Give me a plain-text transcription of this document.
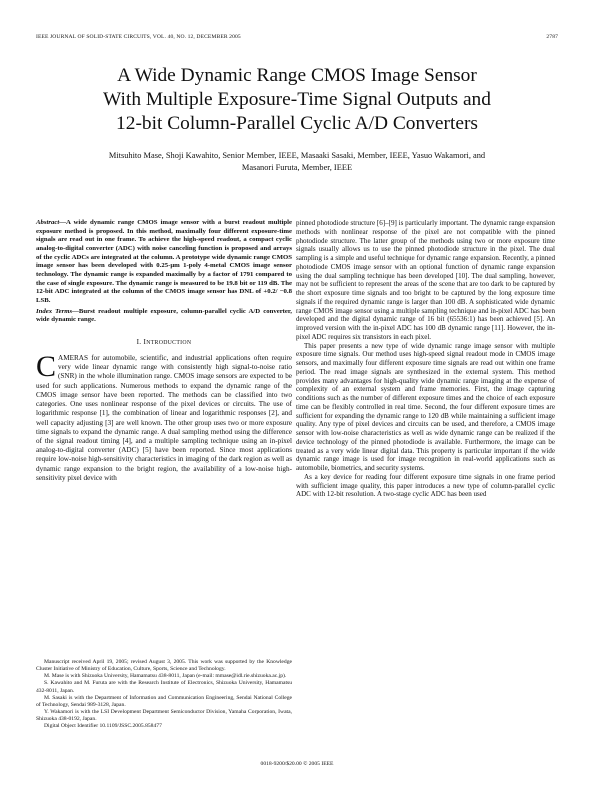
IEEE JOURNAL OF SOLID-STATE CIRCUITS, VOL. 40, NO. 12, DECEMBER 2005	2787
A Wide Dynamic Range CMOS Image Sensor
With Multiple Exposure-Time Signal Outputs and
12-bit Column-Parallel Cyclic A/D Converters
Mitsuhito Mase, Shoji Kawahito, Senior Member, IEEE, Masaaki Sasaki, Member, IEEE, Yasuo Wakamori, and
Masanori Furuta, Member, IEEE

Abstract—A wide dynamic range CMOS image sensor with a burst readout multiple exposure method is proposed. In this method, maximally four different exposure-time signals are read out in one frame. To achieve the high-speed readout, a compact cyclic analog-to-digital converter (ADC) with noise canceling function is proposed and arrays of the cyclic ADCs are integrated at the column. A prototype wide dynamic range CMOS image sensor has been developed with 0.25-μm 1-poly 4-metal CMOS image sensor technology. The dynamic range is expanded maximally by a factor of 1791 compared to the case of single exposure. The dynamic range is measured to be 19.8 bit or 119 dB. The 12-bit ADC integrated at the column of the CMOS image sensor has DNL of +0.2/ −0.8 LSB.

Index Terms—Burst readout multiple exposure, column-parallel cyclic A/D converter, wide dynamic range.

I. INTRODUCTION

CAMERAS for automobile, scientific, and industrial applications often require very wide linear dynamic range with consistently high signal-to-noise ratio (SNR) in the whole illumination range. CMOS image sensors are expected to be used for such applications. Numerous methods to expand the dynamic range of the CMOS image sensor have been reported. The methods can be classified into two categories. One uses nonlinear response of the pixel devices or circuits. The use of logarithmic response [1], the combination of linear and logarithmic responses [2], and well capacity adjusting [3] are well known. The other group uses two or more exposure time signals to expand the dynamic range. A dual sampling method using the difference of the signal readout timing [4], and a multiple sampling technique using an in-pixel analog-to-digital converter (ADC) [5] have been reported. Since most applications require low-noise high-sensitivity characteristics in imaging of the dark region as well as dynamic range expansion to the bright region, the availability of a low-noise high-sensitivity pixel device with

Manuscript received April 19, 2005; revised August 3, 2005. This work was supported by the Knowledge Cluster Initiative of Ministry of Education, Culture, Sports, Science and Technology.

M. Mase is with Shizuoka University, Hamamatsu 438-8011, Japan (e-mail: mmase@idl.rie.shizuoka.ac.jp).

S. Kawahito and M. Furuta are with the Research Institute of Electronics, Shizuoka University, Hamamatsu 432-8011, Japan.

M. Sasaki is with the Department of Information and Communication Engineering, Sendai National College of Technology, Sendai 989-3128, Japan.

Y. Wakamori is with the LSI Development Department Semiconductor Division, Yamaha Corporation, Iwata, Shizuoka 438-0192, Japan.

Digital Object Identifier 10.1109/JSSC.2005.858477

pinned photodiode structure [6]–[9] is particularly important. The dynamic range expansion methods with nonlinear response of the pixel are not compatible with the pinned photodiode structure. The latter group of the methods using two or more exposure time signals usually allows us to use the pinned photodiode structure in the pixel. The dual sampling is a simple and useful technique for dynamic range expansion. Recently, a pinned photodiode CMOS image sensor with an optional function of dynamic range expansion using the dual sampling technique has been developed [10]. The dual sampling, however, may not be sufficient to represent the areas of the scene that are too dark to be captured by the short exposure time signals and too bright to be captured by the long exposure time signals if the required dynamic range is larger than 100 dB. A sophisticated wide dynamic range CMOS image sensor using a multiple sampling technique and in-pixel ADC has been developed and the digital dynamic range of 16 bit (65536:1) has been achieved [5]. An improved version with the in-pixel ADC has 100 dB dynamic range [11]. However, the in-pixel ADC requires six transistors in each pixel.

This paper presents a new type of wide dynamic range image sensor with multiple exposure time signals. Our method uses high-speed signal readout mode in CMOS image sensors, and maximally four different exposure time signals are read out within one frame period. The read image signals are synthesized in the external system. This method provides many advantages for high-quality wide dynamic range imaging at the expense of complexity of an external system and frame memories. First, the image capturing conditions such as the number of different exposure times and the choice of each exposure time can be flexibly controlled in real time. Second, the four different exposure times are sufficient for expanding the dynamic range to 120 dB while maintaining a sufficient image quality. Any type of pixel devices and circuits can be used, and therefore, a CMOS image sensor with low-noise characteristics as well as wide dynamic range can be realized if the device technology of the pinned photodiode is available. Furthermore, the image can be treated as a very wide linear digital data. This property is particular important if the wide dynamic range image is used for image recognition in real-world applications such as automobile, biometrics, and security systems.

As a key device for reading four different exposure time signals in one frame period with sufficient image quality, this paper introduces a new type of column-parallel cyclic ADC with 12-bit resolution. A two-stage cyclic ADC has been used

0018-9200/$20.00 © 2005 IEEE
